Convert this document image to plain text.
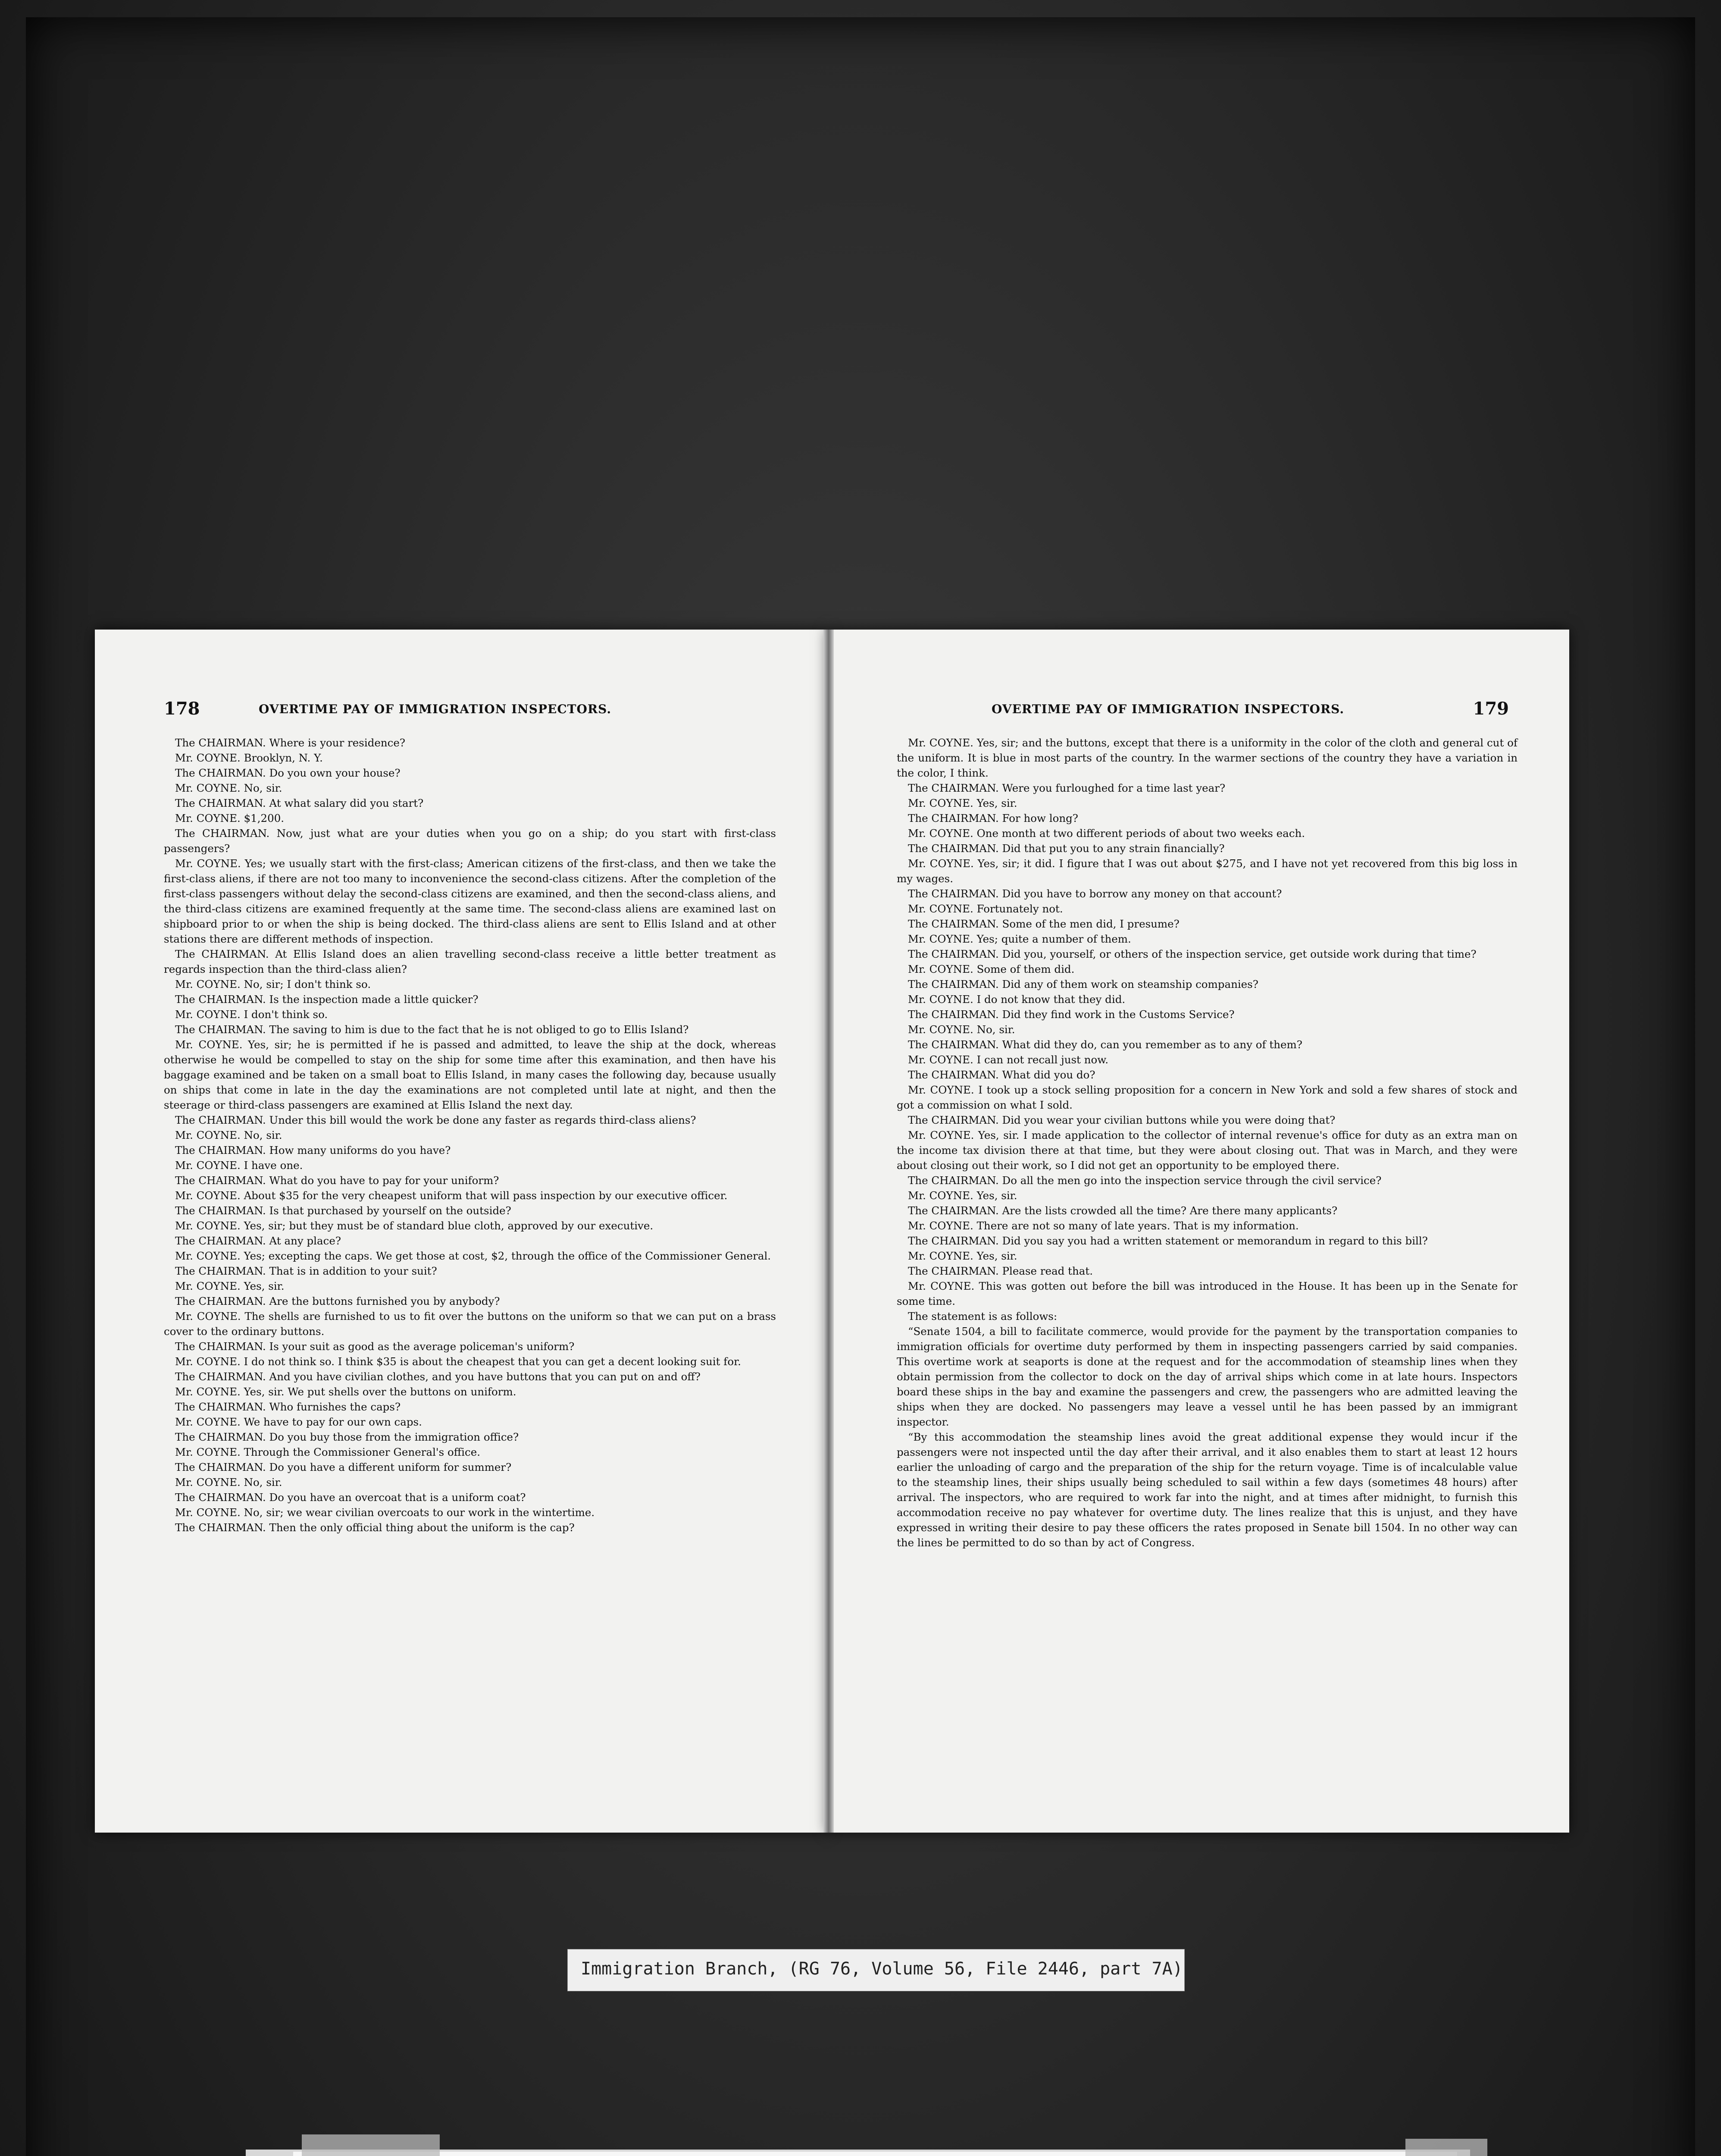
178	OVERTIME PAY OF IMMIGRATION INSPECTORS.

The CHAIRMAN. Where is your residence?

Mr. COYNE. Brooklyn, N. Y.

The CHAIRMAN. Do you own your house?

Mr. COYNE. No, sir.

The CHAIRMAN. At what salary did you start?

Mr. COYNE. $1,200.

The CHAIRMAN. Now, just what are your duties when you go on a ship; do you start with first-class passengers?

Mr. COYNE. Yes; we usually start with the first-class; American citizens of the first-class, and then we take the first-class aliens, if there are not too many to inconvenience the second-class citizens. After the completion of the first-class passengers without delay the second-class citizens are examined, and then the second-class aliens, and the third-class citizens are examined frequently at the same time. The second-class aliens are examined last on shipboard prior to or when the ship is being docked. The third-class aliens are sent to Ellis Island and at other stations there are different methods of inspection.

The CHAIRMAN. At Ellis Island does an alien travelling second-class receive a little better treatment as regards inspection than the third-class alien?

Mr. COYNE. No, sir; I don't think so.

The CHAIRMAN. Is the inspection made a little quicker?

Mr. COYNE. I don't think so.

The CHAIRMAN. The saving to him is due to the fact that he is not obliged to go to Ellis Island?

Mr. COYNE. Yes, sir; he is permitted if he is passed and admitted, to leave the ship at the dock, whereas otherwise he would be compelled to stay on the ship for some time after this examination, and then have his baggage examined and be taken on a small boat to Ellis Island, in many cases the following day, because usually on ships that come in late in the day the examinations are not completed until late at night, and then the steerage or third-class passengers are examined at Ellis Island the next day.

The CHAIRMAN. Under this bill would the work be done any faster as regards third-class aliens?

Mr. COYNE. No, sir.

The CHAIRMAN. How many uniforms do you have?

Mr. COYNE. I have one.

The CHAIRMAN. What do you have to pay for your uniform?

Mr. COYNE. About $35 for the very cheapest uniform that will pass inspection by our executive officer.

The CHAIRMAN. Is that purchased by yourself on the outside?

Mr. COYNE. Yes, sir; but they must be of standard blue cloth, approved by our executive.

The CHAIRMAN. At any place?

Mr. COYNE. Yes; excepting the caps. We get those at cost, $2, through the office of the Commissioner General.

The CHAIRMAN. That is in addition to your suit?

Mr. COYNE. Yes, sir.

The CHAIRMAN. Are the buttons furnished you by anybody?

Mr. COYNE. The shells are furnished to us to fit over the buttons on the uniform so that we can put on a brass cover to the ordinary buttons.

The CHAIRMAN. Is your suit as good as the average policeman's uniform?

Mr. COYNE. I do not think so. I think $35 is about the cheapest that you can get a decent looking suit for.

The CHAIRMAN. And you have civilian clothes, and you have buttons that you can put on and off?

Mr. COYNE. Yes, sir. We put shells over the buttons on uniform.

The CHAIRMAN. Who furnishes the caps?

Mr. COYNE. We have to pay for our own caps.

The CHAIRMAN. Do you buy those from the immigration office?

Mr. COYNE. Through the Commissioner General's office.

The CHAIRMAN. Do you have a different uniform for summer?

Mr. COYNE. No, sir.

The CHAIRMAN. Do you have an overcoat that is a uniform coat?

Mr. COYNE. No, sir; we wear civilian overcoats to our work in the wintertime.

The CHAIRMAN. Then the only official thing about the uniform is the cap?

OVERTIME PAY OF IMMIGRATION INSPECTORS.	179

Mr. COYNE. Yes, sir; and the buttons, except that there is a uniformity in the color of the cloth and general cut of the uniform. It is blue in most parts of the country. In the warmer sections of the country they have a variation in the color, I think.

The CHAIRMAN. Were you furloughed for a time last year?

Mr. COYNE. Yes, sir.

The CHAIRMAN. For how long?

Mr. COYNE. One month at two different periods of about two weeks each.

The CHAIRMAN. Did that put you to any strain financially?

Mr. COYNE. Yes, sir; it did. I figure that I was out about $275, and I have not yet recovered from this big loss in my wages.

The CHAIRMAN. Did you have to borrow any money on that account?

Mr. COYNE. Fortunately not.

The CHAIRMAN. Some of the men did, I presume?

Mr. COYNE. Yes; quite a number of them.

The CHAIRMAN. Did you, yourself, or others of the inspection service, get outside work during that time?

Mr. COYNE. Some of them did.

The CHAIRMAN. Did any of them work on steamship companies?

Mr. COYNE. I do not know that they did.

The CHAIRMAN. Did they find work in the Customs Service?

Mr. COYNE. No, sir.

The CHAIRMAN. What did they do, can you remember as to any of them?

Mr. COYNE. I can not recall just now.

The CHAIRMAN. What did you do?

Mr. COYNE. I took up a stock selling proposition for a concern in New York and sold a few shares of stock and got a commission on what I sold.

The CHAIRMAN. Did you wear your civilian buttons while you were doing that?

Mr. COYNE. Yes, sir. I made application to the collector of internal revenue's office for duty as an extra man on the income tax division there at that time, but they were about closing out. That was in March, and they were about closing out their work, so I did not get an opportunity to be employed there.

The CHAIRMAN. Do all the men go into the inspection service through the civil service?

Mr. COYNE. Yes, sir.

The CHAIRMAN. Are the lists crowded all the time? Are there many applicants?

Mr. COYNE. There are not so many of late years. That is my information.

The CHAIRMAN. Did you say you had a written statement or memorandum in regard to this bill?

Mr. COYNE. Yes, sir.

The CHAIRMAN. Please read that.

Mr. COYNE. This was gotten out before the bill was introduced in the House. It has been up in the Senate for some time.

The statement is as follows:

“Senate 1504, a bill to facilitate commerce, would provide for the payment by the transportation companies to immigration officials for overtime duty performed by them in inspecting passengers carried by said companies. This overtime work at seaports is done at the request and for the accommodation of steamship lines when they obtain permission from the collector to dock on the day of arrival ships which come in at late hours. Inspectors board these ships in the bay and examine the passengers and crew, the passengers who are admitted leaving the ships when they are docked. No passengers may leave a vessel until he has been passed by an immigrant inspector.

“By this accommodation the steamship lines avoid the great additional expense they would incur if the passengers were not inspected until the day after their arrival, and it also enables them to start at least 12 hours earlier the unloading of cargo and the preparation of the ship for the return voyage. Time is of incalculable value to the steamship lines, their ships usually being scheduled to sail within a few days (sometimes 48 hours) after arrival. The inspectors, who are required to work far into the night, and at times after midnight, to furnish this accommodation receive no pay whatever for overtime duty. The lines realize that this is unjust, and they have expressed in writing their desire to pay these officers the rates proposed in Senate bill 1504. In no other way can the lines be permitted to do so than by act of Congress.

Immigration Branch, (RG 76, Volume 56, File 2446, part 7A)
